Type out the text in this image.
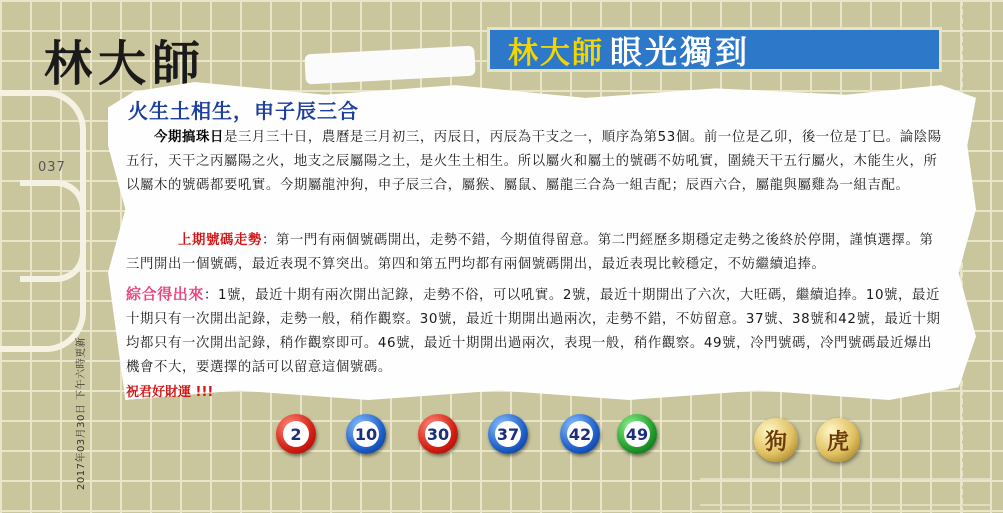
037
林大師	林大師 眼光獨到
火生土相生，申子辰三合
今期搞珠日是三月三十日，農曆是三月初三，丙辰日，丙辰為干支之一，順序為第53個。前一位是乙卯，後一位是丁巳。論陰陽五行，天干之丙屬陽之火，地支之辰屬陽之土，是火生土相生。所以屬火和屬土的號碼不妨吼實，圍繞天干五行屬火，木能生火，所以屬木的號碼都要吼實。今期屬龍沖狗，申子辰三合，屬猴、屬鼠、屬龍三合為一組吉配；辰酉六合，屬龍與屬雞為一組吉配。
上期號碼走勢：第一門有兩個號碼開出，走勢不錯，今期值得留意。第二門經歷多期穩定走勢之後終於停開，謹慎選擇。第三門開出一個號碼，最近表現不算突出。第四和第五門均都有兩個號碼開出，最近表現比較穩定，不妨繼續追捧。
綜合得出來：1號，最近十期有兩次開出記錄，走勢不俗，可以吼實。2號，最近十期開出了六次，大旺碼，繼續追捧。10號，最近十期只有一次開出記錄，走勢一般，稍作觀察。30號，最近十期開出過兩次，走勢不錯，不妨留意。37號、38號和42號，最近十期均都只有一次開出記錄，稍作觀察即可。46號，最近十期開出過兩次，表現一般，稍作觀察。49號，冷門號碼，冷門號碼最近爆出機會不大，要選擇的話可以留意這個號碼。
祝君好財運 !!!
2017年03月30日 下午六時更新	2	10	30	37	42 49	狗	虎
